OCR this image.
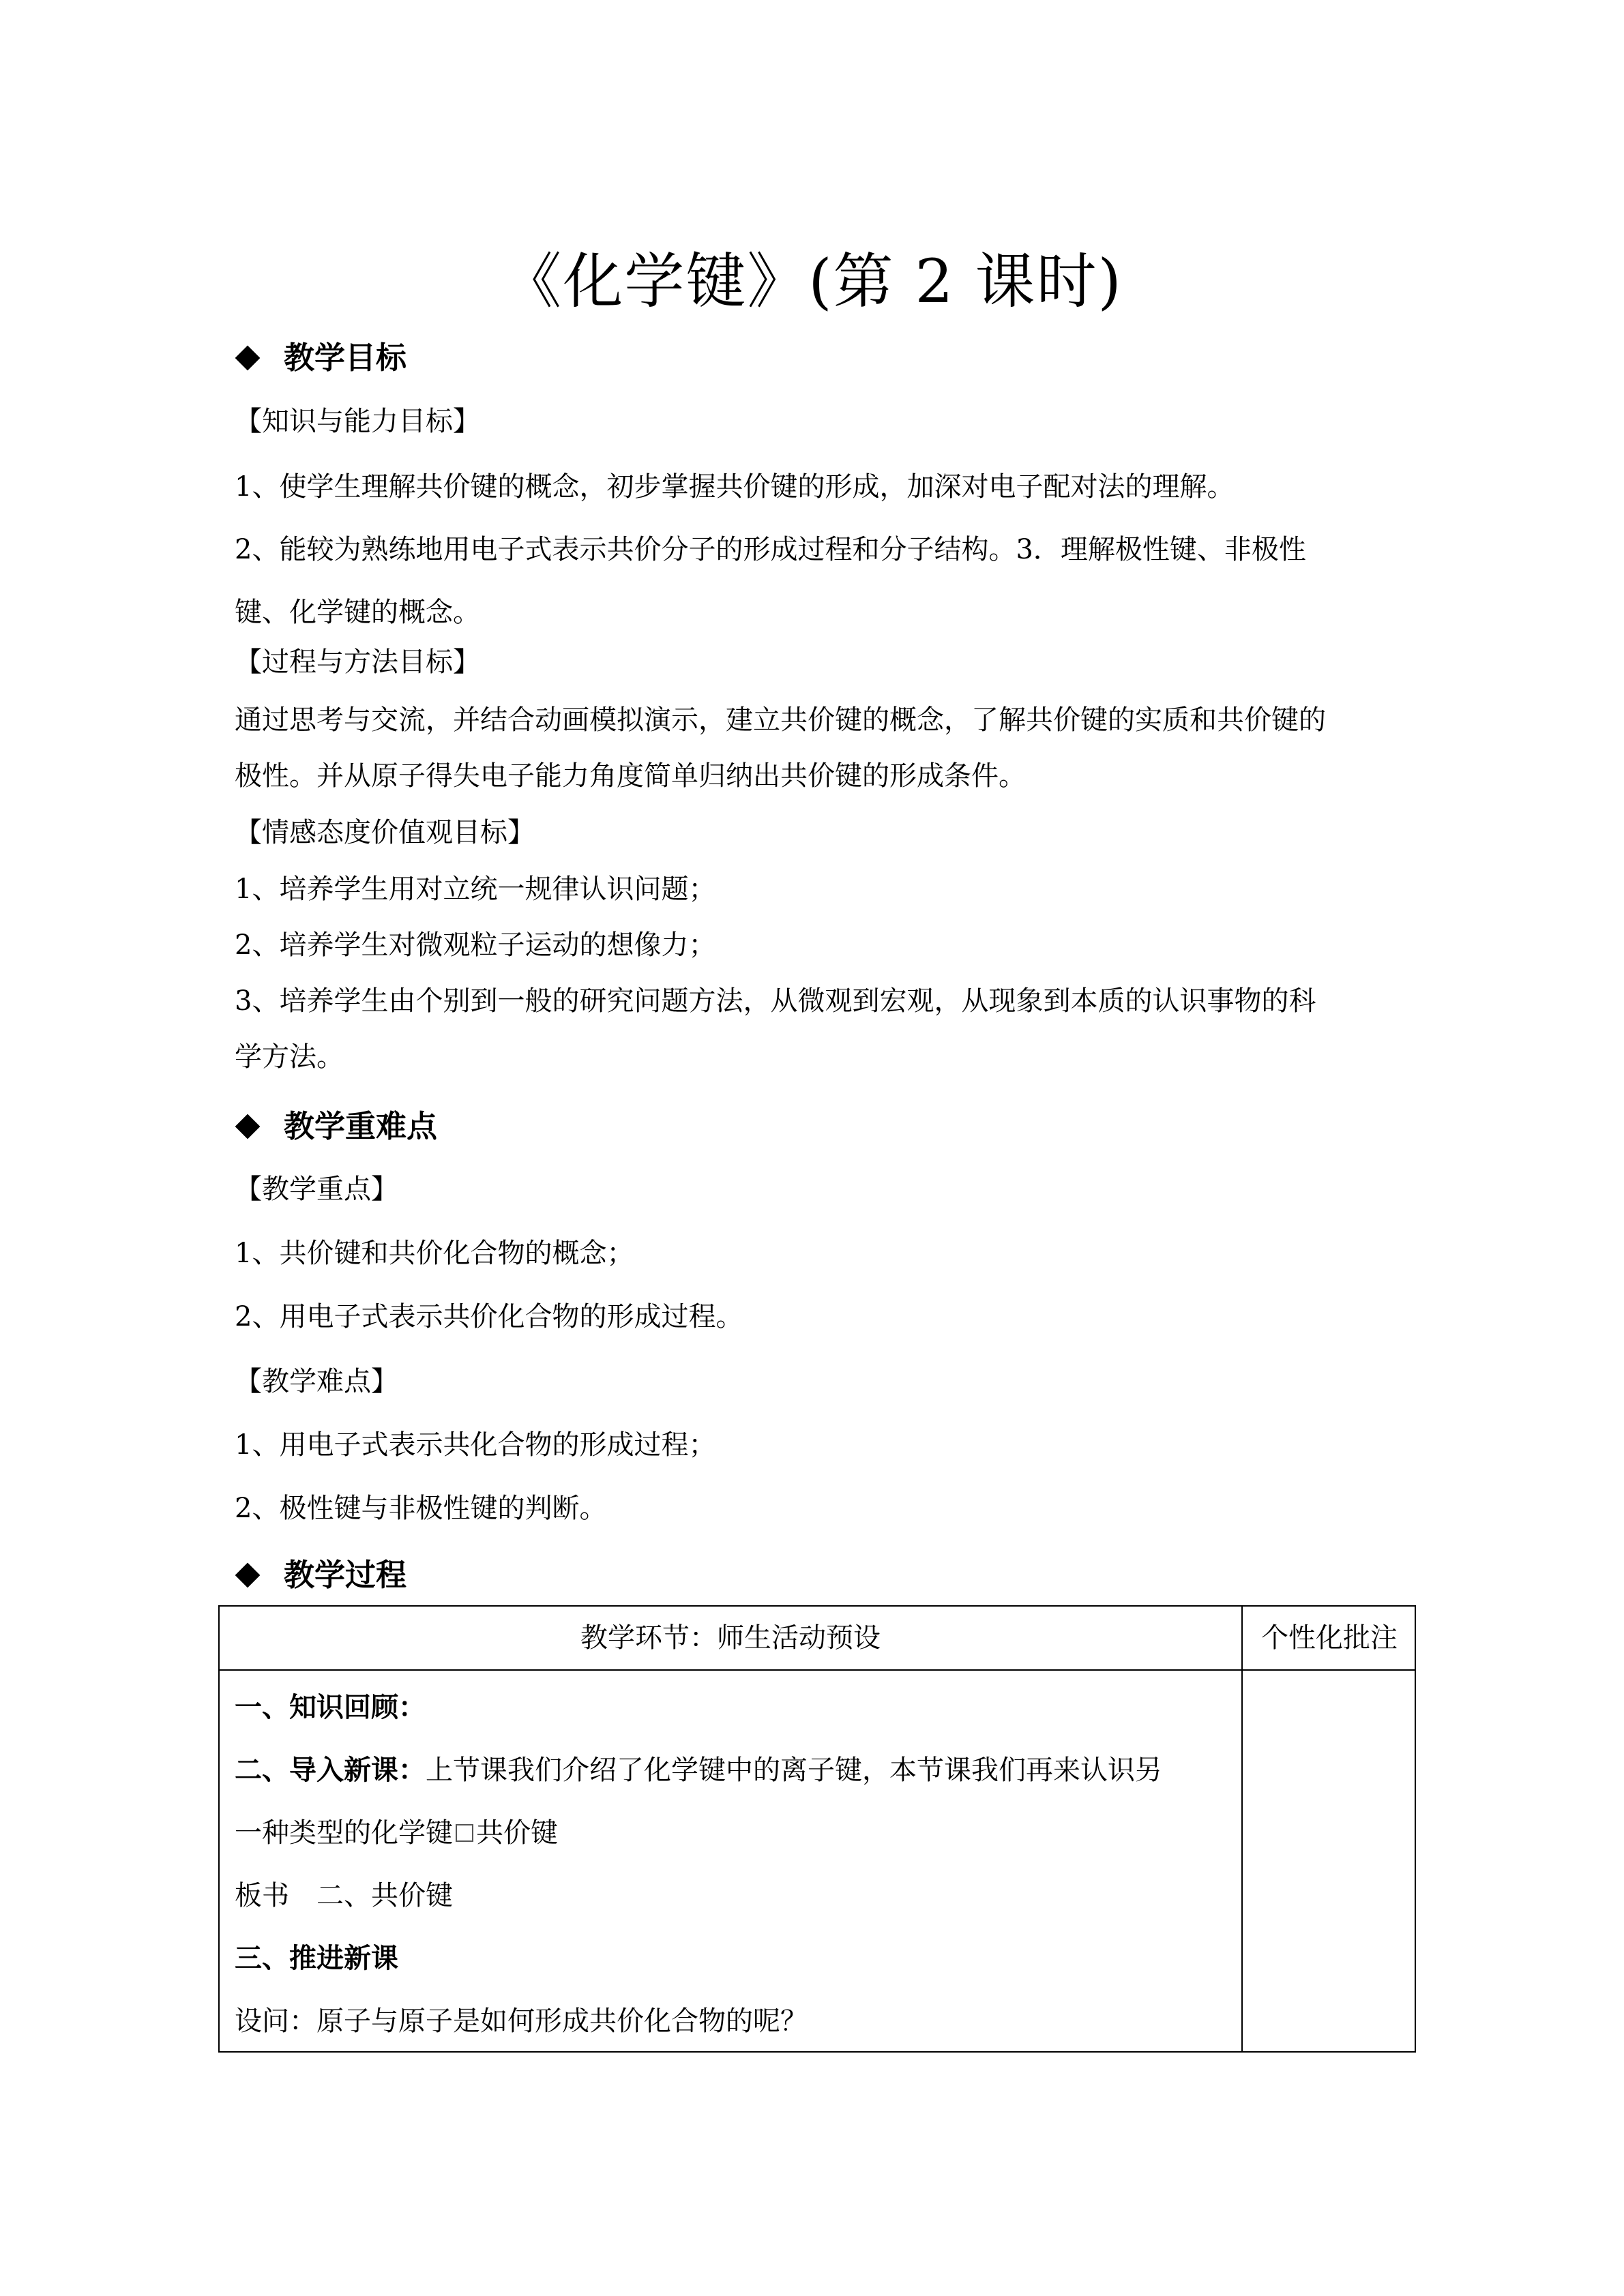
《化学键》(第 2 课时)
教学目标
【知识与能力目标】
1、使学生理解共价键的概念，初步掌握共价键的形成，加深对电子配对法的理解。
2、能较为熟练地用电子式表示共价分子的形成过程和分子结构。3．理解极性键、非极性
键、化学键的概念。
【过程与方法目标】
通过思考与交流，并结合动画模拟演示，建立共价键的概念，了解共价键的实质和共价键的
极性。并从原子得失电子能力角度简单归纳出共价键的形成条件。
【情感态度价值观目标】
1、培养学生用对立统一规律认识问题；
2、培养学生对微观粒子运动的想像力；
3、培养学生由个别到一般的研究问题方法，从微观到宏观，从现象到本质的认识事物的科
学方法。
教学重难点
【教学重点】
1、共价键和共价化合物的概念；
2、用电子式表示共价化合物的形成过程。
【教学难点】
1、用电子式表示共化合物的形成过程；
2、极性键与非极性键的判断。
教学过程
教学环节：师生活动预设	个性化批注
一、知识回顾：
二、导入新课：上节课我们介绍了化学键中的离子键，本节课我们再来认识另
一种类型的化学键 共价键
板书　二、共价键
三、推进新课
设问：原子与原子是如何形成共价化合物的呢？
